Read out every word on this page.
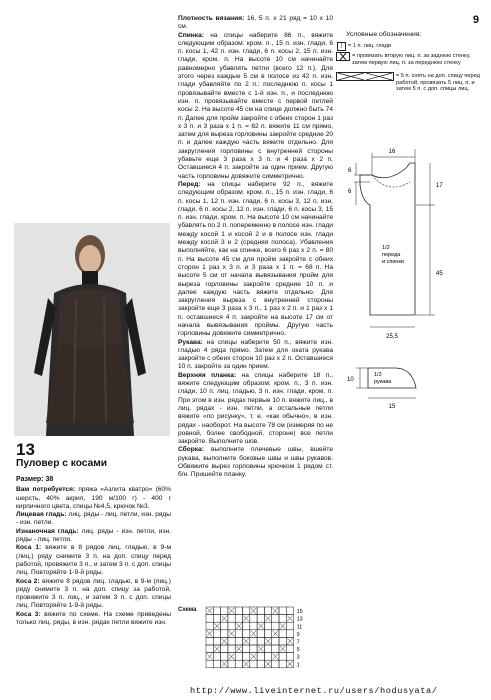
9
13
Пуловер с косами

Размер: 38

Вам потребуется: пряжа «Азлита кватро» (60% шерсть, 40% акрил, 190 м/100 г) - 400 г кирпичного цвета, спицы №4,5, крючок №3.

Лицевая гладь: лиц. ряды - лиц. петли, изн. ряды - изн. петли.

Изнаночная гладь: лиц. ряды - изн. петли, изн. ряды - лиц. петли.

Коса 1: вяжите в 8 рядов лиц. гладью, в 9-м (лиц.) ряду снимите 3 п. на доп. спицу перед работой, провяжите 3 п., и затем 3 п. с доп. спицы лиц. Повторяйте 1-9-й ряды.

Коса 2: вяжите 8 рядов лиц. гладью, в 9-м (лиц.) ряду снимите 3 п. на доп. спицу за работой, провяжите 3 п. лиц., и затем 3 п. с доп. спицы лиц. Повторяйте 1-9-й ряды.

Коса 3: вяжите по схеме. На схеме приведены только лиц. ряды, в изн. рядах петли вяжите изн.

Плотность вязания: 16, 5 п. х 21 ряд = 10 х 10 см.

Спинка: на спицы наберите 86 п., вяжите следующим образом: кром. п., 15 п. изн. глади, 6 п. косы 1, 42 п. изн. глади, 6 п. косы 2, 15 п. изн. глади, кром. п. На высоте 10 см начинайте равномерно убавлять петли (всего 12 п.). Для этого через каждые 5 см в полосе из 42 п. изн. глади убавляйте по 2 п.: последнюю п. косы 1 провязывайте вместе с 1-й изн. п., и последнюю изн. п. провязывайте вместе с первой петлей косы 2. На высоте 45 см на спице должно быть 74 п. Далее для пройм закройте с обеих сторон 1 раз х 3 п. и 3 раза х 1 п. = 62 п. вяжите 11 см прямо, затем для выреза горловины закройте средние 20 п. и далее каждую часть вяжите отдельно. Для закругления горловины с внутренней стороны убавьте еще 3 раза х 3 п. и 4 раза х 2 п. Оставшиеся 4 п. закройте за один прием. Другую часть горловины довяжите симметрично.

Перед: на спицы наберите 92 п., вяжите следующим образом: кром. п., 15 п. изн. глади, 6 п. косы 1, 12 п. изн. глади, 6 п. косы 3, 12 п. изн. глади, 6 п. косы 2, 12 п. изн. глади, 6 п. косы 3, 15 п. изн. глади, кром. п. На высоте 10 см начинайте убавлять по 2 п. попеременно в полосе изн. глади между косой 1 и косой 2 и в полосе изн. глади между косой 3 и 2 (средняя полоса). Убавления выполняйте, как на спинке, всего 6 раз х 2 п. = 80 п. На высоте 45 см для пройм закройте с обеих сторон 1 раз х 3 п. и 3 раза х 1 п. = 68 п. На высоте 5 см от начала вывязывания пройм для выреза горловины закройте средние 10 п. и далее каждую часть вяжите отдельно. Для закругления выреза с внутренней стороны закройте еще 3 раза х 3 п., 1 раз х 2 п. и 1 раз х 1 п. оставшиеся 4 п. закройте на высоте 17 см от начала вывязывания проймы. Другую часть горловины довяжите симметрично.

Рукава: на спицы наберите 50 п., вяжите изн. гладью 4 ряда прямо. Затем для оката рукава закройте с обеих сторон 10 раз х 2 п. Оставшиеся 10 п. закройте за один прием.

Верхняя планка: на спицы наберите 18 п., вяжите следующим образом: кром. п., 3 п. изн. глади, 10 п. лиц. гладью, 3 п. изн. глади, кром. п. При этом в изн. рядах первые 10 п. вяжите лиц., в лиц. рядах - изн. петли, а остальные петли вяжите «по рисунку», т. е. «как обычно», в изн. рядах - наоборот. На высоте 78 см (измеряя по не ровной, более свободной, стороне) все петли закройте. Выполните шов.

Сборка: выполните плечевые швы, вшейте рукава, выполните боковые швы и швы рукавов. Обвяжите вырез горловины крючком 1 рядом ст. б/н. Пришейте планку.

Условные обозначения:
|	= 1 п. лиц. глади
= провязать вторую лиц. п. за заднюю стенку, затем первую лиц. п. за переднюю стенку
= 5 п. снять на доп. спицу перед работой, провязать 5 лиц. п. и затем 5 п. с доп. спицы лиц.
16
6
6
17
45
25,5
1/2
переда
и спинки
1/2
рукава
10
15
Схема	15
13
11
9
7
5
3
1
http://www.liveinternet.ru/users/hodusyata/
